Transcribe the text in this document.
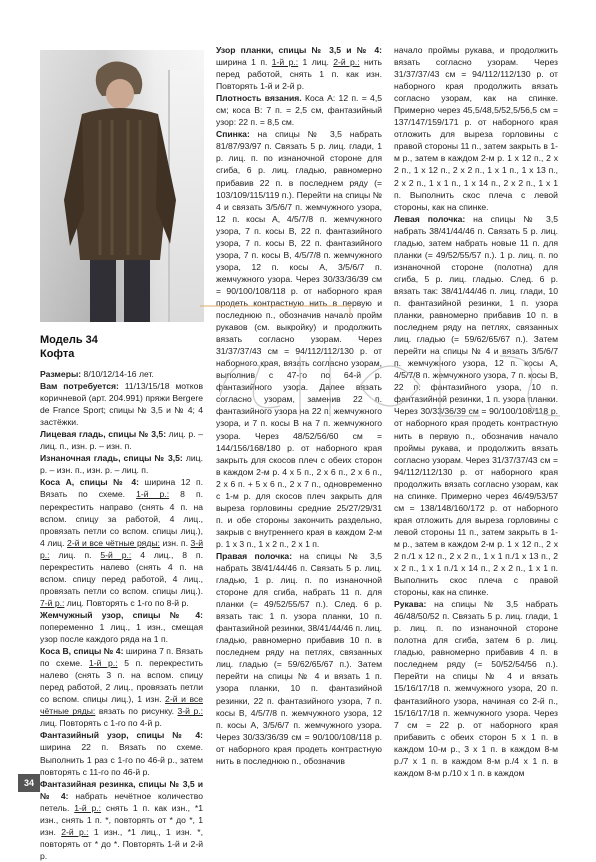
Модель 34
Кофта

Размеры: 8/10/12/14-16 лет.

Вам потребуется: 11/13/15/18 мотков коричневой (арт. 204.991) пряжи Bergere de France Sport; спицы № 3,5 и № 4; 4 застёжки.

Лицевая гладь, спицы № 3,5: лиц. р. – лиц. п., изн. р. – изн. п.

Изнаночная гладь, спицы № 3,5: лиц. р. – изн. п., изн. р. – лиц. п.

Коса А, спицы № 4: ширина 12 п. Вязать по схеме. 1-й р.: 8 п. перекрестить направо (снять 4 п. на вспом. спицу за работой, 4 лиц., провязать петли со вспом. спицы лиц.), 4 лиц. 2-й и все чётные ряды: изн. п. 3-й р.: лиц. п. 5-й р.: 4 лиц., 8 п. перекрестить налево (снять 4 п. на вспом. спицу перед работой, 4 лиц., провязать петли со вспом. спицы лиц.). 7-й р.: лиц. Повторять с 1-го по 8-й р.

Жемчужный узор, спицы № 4: попеременно 1 лиц., 1 изн., смещая узор после каждого ряда на 1 п.

Коса В, спицы № 4: ширина 7 п. Вязать по схеме. 1-й р.: 5 п. перекрестить налево (снять 3 п. на вспом. спицу перед работой, 2 лиц., провязать петли со вспом. спицы лиц.), 1 изн. 2-й и все чётные ряды: вязать по рисунку. 3-й р.: лиц. Повторять с 1-го по 4-й р.

Фантазийный узор, спицы № 4: ширина 22 п. Вязать по схеме. Выполнить 1 раз с 1-го по 46-й р., затем повторять с 11-го по 46-й р.

Фантазийная резинка, спицы № 3,5 и № 4: набрать нечётное количество петель. 1-й р.: снять 1 п. как изн., *1 изн., снять 1 п. *, повторять от * до *, 1 изн. 2-й р.: 1 изн., *1 лиц., 1 изн. *, повторять от * до *. Повторять 1-й и 2-й р.

Узор планки, спицы № 3,5 и № 4: ширина 1 п. 1-й р.: 1 лиц. 2-й р.: нить перед работой, снять 1 п. как изн. Повторять 1-й и 2-й р.

Плотность вязания. Коса А: 12 п. = 4,5 см; коса В: 7 п. = 2,5 см, фантазийный узор: 22 п. = 8,5 см.

Спинка: на спицы № 3,5 набрать 81/87/93/97 п. Связать 5 р. лиц. глади, 1 р. лиц. п. по изнаночной стороне для сгиба, 6 р. лиц. гладью, равномерно прибавив 22 п. в последнем ряду (= 103/109/115/119 п.). Перейти на спицы № 4 и связать 3/5/6/7 п. жемчужного узора, 12 п. косы А, 4/5/7/8 п. жемчужного узора, 7 п. косы В, 22 п. фантазийного узора, 7 п. косы В, 22 п. фантазийного узора, 7 п. косы В, 4/5/7/8 п. жемчужного узора, 12 п. косы А, 3/5/6/7 п. жемчужного узора. Через 30/33/36/39 см = 90/100/108/118 р. от наборного края продеть контрастную нить в первую и последнюю п., обозначив начало пройм рукавов (см. выкройку) и продолжить вязать согласно узорам. Через 31/37/37/43 см = 94/112/112/130 р. от наборного края, вязать согласно узорам, выполнив с 47-го по 64-й р. фантазийного узора. Далее вязать согласно узорам, заменив 22 п. фантазийного узора на 22 п. жемчужного узора, и 7 п. косы В на 7 п. жемчужного узора. Через 48/52/56/60 см = 144/156/168/180 р. от наборного края закрыть для скосов плеч с обеих сторон в каждом 2-м р. 4 х 5 п., 2 х 6 п., 2 х 6 п., 2 х 6 п. + 5 х 6 п., 2 х 7 п., одновременно с 1-м р. для скосов плеч закрыть для выреза горловины средние 25/27/29/31 п. и обе стороны закончить раздельно, закрыв с внутреннего края в каждом 2-м р. 1 х 3 п., 1 х 2 п., 2 х 1 п.

Правая полочка: на спицы № 3,5 набрать 38/41/44/46 п. Связать 5 р. лиц. гладью, 1 р. лиц. п. по изнаночной стороне для сгиба, набрать 11 п. для планки (= 49/52/55/57 п.). След. 6 р. вязать так: 1 п. узора планки, 10 п. фантазийной резинки, 38/41/44/46 п. лиц. гладью, равномерно прибавив 10 п. в последнем ряду на петлях, связанных лиц. гладью (= 59/62/65/67 п.). Затем перейти на спицы № 4 и вязать 1 п. узора планки, 10 п. фантазийной резинки, 22 п. фантазийного узора, 7 п. косы В, 4/5/7/8 п. жемчужного узора, 12 п. косы А, 3/5/6/7 п. жемчужного узора. Через 30/33/36/39 см = 90/100/108/118 р. от наборного края продеть контрастную нить в последнюю п., обозначив

начало проймы рукава, и продолжить вязать согласно узорам. Через 31/37/37/43 см = 94/112/112/130 р. от наборного края продолжить вязать согласно узорам, как на спинке. Примерно через 45,5/48,5/52,5/56,5 см = 137/147/159/171 р. от наборного края отложить для выреза горловины с правой стороны 11 п., затем закрыть в 1-м р., затем в каждом 2-м р. 1 х 12 п., 2 х 2 п., 1 х 12 п., 2 х 2 п., 1 х 1 п., 1 х 13 п., 2 х 2 п., 1 х 1 п., 1 х 14 п., 2 х 2 п., 1 х 1 п. Выполнить скос плеча с левой стороны, как на спинке.

Левая полочка: на спицы № 3,5 набрать 38/41/44/46 п. Связать 5 р. лиц. гладью, затем набрать новые 11 п. для планки (= 49/52/55/57 п.). 1 р. лиц. п. по изнаночной стороне (полотна) для сгиба, 5 р. лиц. гладью. След. 6 р. вязать так: 38/41/44/46 п. лиц. глади, 10 п. фантазийной резинки, 1 п. узора планки, равномерно прибавив 10 п. в последнем ряду на петлях, связанных лиц. гладью (= 59/62/65/67 п.). Затем перейти на спицы № 4 и вязать 3/5/6/7 п. жемчужного узора, 12 п. косы А, 4/5/7/8 п. жемчужного узора, 7 п. косы В, 22 п. фантазийного узора, 10 п. фантазийной резинки, 1 п. узора планки. Через 30/33/36/39 см = 90/100/108/118 р. от наборного края продеть контрастную нить в первую п., обозначив начало проймы рукава, и продолжить вязать согласно узорам. Через 31/37/37/43 см = 94/112/112/130 р. от наборного края продолжить вязать согласно узорам, как на спинке. Примерно через 46/49/53/57 см = 138/148/160/172 р. от наборного края отложить для выреза горловины с левой стороны 11 п., затем закрыть в 1-м р., затем в каждом 2-м р. 1 х 12 п., 2 х 2 п./1 х 12 п., 2 х 2 п., 1 х 1 п./1 х 13 п., 2 х 2 п., 1 х 1 п./1 х 14 п., 2 х 2 п., 1 х 1 п. Выполнить скос плеча с правой стороны, как на спинке.

Рукава: на спицы № 3,5 набрать 46/48/50/52 п. Связать 5 р. лиц. глади, 1 р. лиц. п. по изнаночной стороне полотна для сгиба, затем 6 р. лиц. гладью, равномерно прибавив 4 п. в последнем ряду (= 50/52/54/56 п.). Перейти на спицы № 4 и вязать 15/16/17/18 п. жемчужного узора, 20 п. фантазийного узора, начиная со 2-й п., 15/16/17/18 п. жемчужного узора. Через 7 см = 22 р. от наборного края прибавить с обеих сторон 5 х 1 п. в каждом 10-м р., 3 х 1 п. в каждом 8-м р./7 х 1 п. в каждом 8-м р./4 х 1 п. в каждом 8-м р./10 х 1 п. в каждом

34
